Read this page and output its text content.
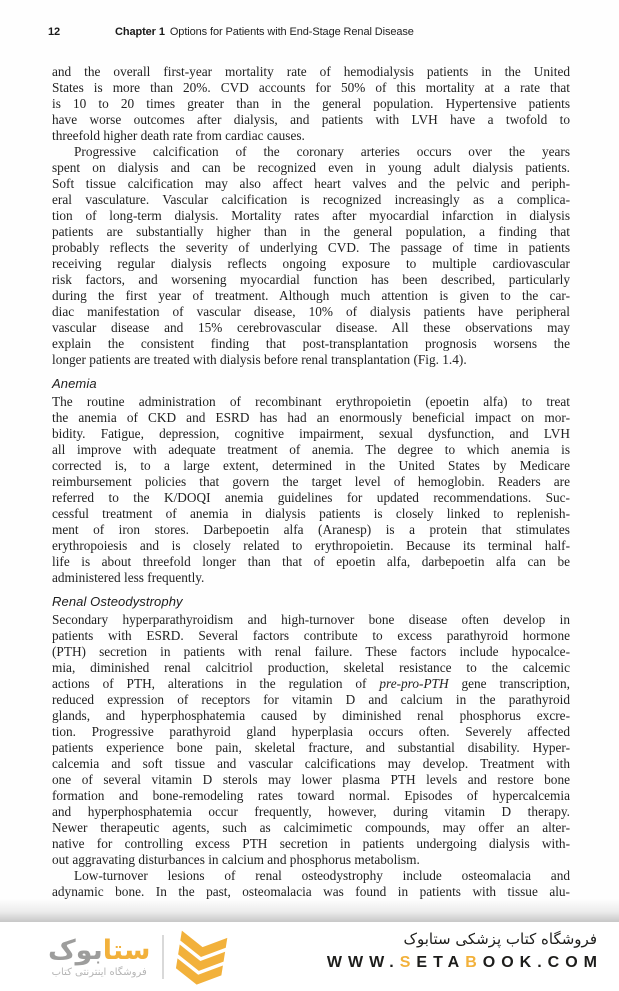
12	Chapter 1 Options for Patients with End-Stage Renal Disease
and the overall first-year mortality rate of hemodialysis patients in the United
States is more than 20%. CVD accounts for 50% of this mortality at a rate that
is 10 to 20 times greater than in the general population. Hypertensive patients
have worse outcomes after dialysis, and patients with LVH have a twofold to
threefold higher death rate from cardiac causes.
Progressive calcification of the coronary arteries occurs over the years
spent on dialysis and can be recognized even in young adult dialysis patients.
Soft tissue calcification may also affect heart valves and the pelvic and periph-
eral vasculature. Vascular calcification is recognized increasingly as a complica-
tion of long-term dialysis. Mortality rates after myocardial infarction in dialysis
patients are substantially higher than in the general population, a finding that
probably reflects the severity of underlying CVD. The passage of time in patients
receiving regular dialysis reflects ongoing exposure to multiple cardiovascular
risk factors, and worsening myocardial function has been described, particularly
during the first year of treatment. Although much attention is given to the car-
diac manifestation of vascular disease, 10% of dialysis patients have peripheral
vascular disease and 15% cerebrovascular disease. All these observations may
explain the consistent finding that post-transplantation prognosis worsens the
longer patients are treated with dialysis before renal transplantation (Fig. 1.4).
Anemia
The routine administration of recombinant erythropoietin (epoetin alfa) to treat
the anemia of CKD and ESRD has had an enormously beneficial impact on mor-
bidity. Fatigue, depression, cognitive impairment, sexual dysfunction, and LVH
all improve with adequate treatment of anemia. The degree to which anemia is
corrected is, to a large extent, determined in the United States by Medicare
reimbursement policies that govern the target level of hemoglobin. Readers are
referred to the K/DOQI anemia guidelines for updated recommendations. Suc-
cessful treatment of anemia in dialysis patients is closely linked to replenish-
ment of iron stores. Darbepoetin alfa (Aranesp) is a protein that stimulates
erythropoiesis and is closely related to erythropoietin. Because its terminal half-
life is about threefold longer than that of epoetin alfa, darbepoetin alfa can be
administered less frequently.
Renal Osteodystrophy
Secondary hyperparathyroidism and high-turnover bone disease often develop in
patients with ESRD. Several factors contribute to excess parathyroid hormone
(PTH) secretion in patients with renal failure. These factors include hypocalce-
mia, diminished renal calcitriol production, skeletal resistance to the calcemic
actions of PTH, alterations in the regulation of pre-pro-PTH gene transcription,
reduced expression of receptors for vitamin D and calcium in the parathyroid
glands, and hyperphosphatemia caused by diminished renal phosphorus excre-
tion. Progressive parathyroid gland hyperplasia occurs often. Severely affected
patients experience bone pain, skeletal fracture, and substantial disability. Hyper-
calcemia and soft tissue and vascular calcifications may develop. Treatment with
one of several vitamin D sterols may lower plasma PTH levels and restore bone
formation and bone-remodeling rates toward normal. Episodes of hypercalcemia
and hyperphosphatemia occur frequently, however, during vitamin D therapy.
Newer therapeutic agents, such as calcimimetic compounds, may offer an alter-
native for controlling excess PTH secretion in patients undergoing dialysis with-
out aggravating disturbances in calcium and phosphorus metabolism.
Low-turnover lesions of renal osteodystrophy include osteomalacia and
adynamic bone. In the past, osteomalacia was found in patients with tissue alu-
ستابوک
فروشگاه اینترنتی کتاب
فروشگاه کتاب پزشکی ستابوک
WWW.SETABOOK.COM
